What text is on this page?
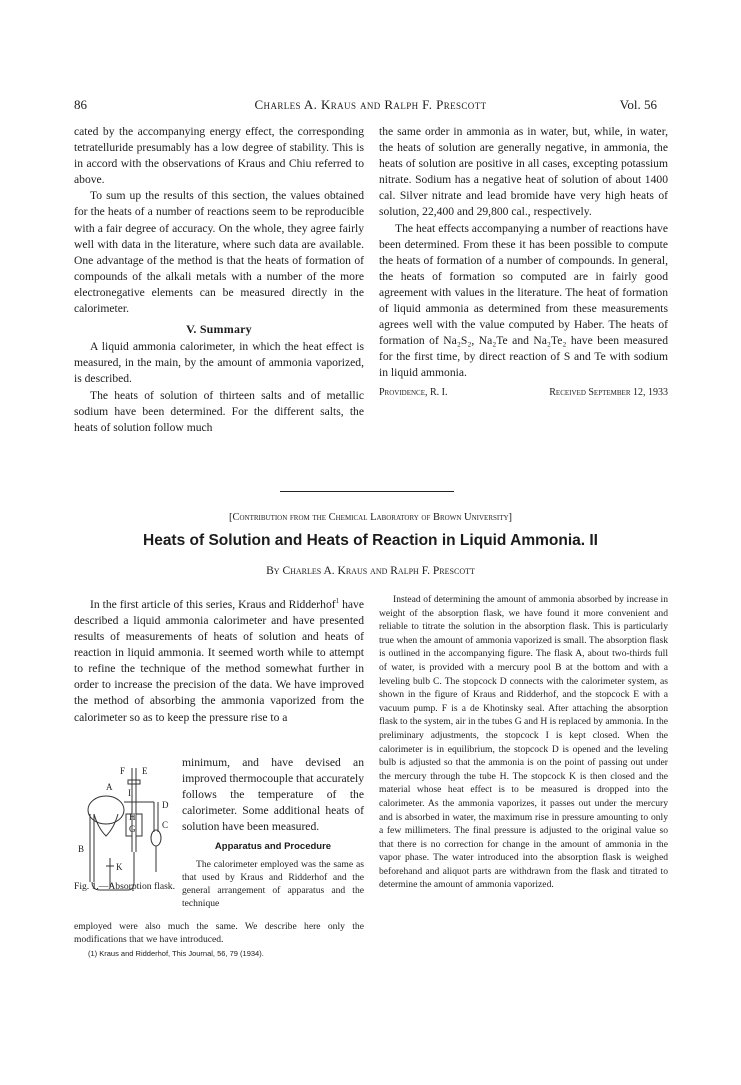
86	Charles A. Kraus and Ralph F. Prescott	Vol. 56

cated by the accompanying energy effect, the corresponding tetratelluride presumably has a low degree of stability. This is in accord with the observations of Kraus and Chiu referred to above.

To sum up the results of this section, the values obtained for the heats of a number of reactions seem to be reproducible with a fair degree of accuracy. On the whole, they agree fairly well with data in the literature, where such data are available. One advantage of the method is that the heats of formation of compounds of the alkali metals with a number of the more electronegative elements can be measured directly in the calorimeter.

V. Summary

A liquid ammonia calorimeter, in which the heat effect is measured, in the main, by the amount of ammonia vaporized, is described.

The heats of solution of thirteen salts and of metallic sodium have been determined. For the different salts, the heats of solution follow much

the same order in ammonia as in water, but, while, in water, the heats of solution are generally negative, in ammonia, the heats of solution are positive in all cases, excepting potassium nitrate. Sodium has a negative heat of solution of about 1400 cal. Silver nitrate and lead bromide have very high heats of solution, 22,400 and 29,800 cal., respectively.

The heat effects accompanying a number of reactions have been determined. From these it has been possible to compute the heats of formation of a number of compounds. In general, the heats of formation so computed are in fairly good agreement with values in the literature. The heat of formation of liquid ammonia as determined from these measurements agrees well with the value computed by Haber. The heats of formation of Na₂S₂, Na₂Te and Na₂Te₂ have been measured for the first time, by direct reaction of S and Te with sodium in liquid ammonia.

Providence, R. I.	Received September 12, 1933
[Contribution from the Chemical Laboratory of Brown University]
Heats of Solution and Heats of Reaction in Liquid Ammonia. II
By Charles A. Kraus and Ralph F. Prescott

In the first article of this series, Kraus and Ridderhof$^1$ have described a liquid ammonia calorimeter and have presented results of measurements of heats of solution and heats of reaction in liquid ammonia. It seemed worth while to attempt to refine the technique of the method somewhat further in order to increase the precision of the data. We have improved the method of absorbing the ammonia vaporized from the calorimeter so as to keep the pressure rise to a

minimum, and have devised an improved thermocouple that accurately follows the temperature of the calorimeter. Some additional heats of solution have been measured.

Apparatus and Procedure

The calorimeter employed was the same as that used by Kraus and Ridderhof and the general arrangement of apparatus and the technique

F E
A
I
D
H
G	C
B
K
Fig. 1.—Absorption flask.

employed were also much the same. We describe here only the modifications that we have introduced.

(1) Kraus and Ridderhof, This Journal, 56, 79 (1934).

Instead of determining the amount of ammonia absorbed by increase in weight of the absorption flask, we have found it more convenient and reliable to titrate the solution in the absorption flask. This is particularly true when the amount of ammonia vaporized is small. The absorption flask is outlined in the accompanying figure. The flask A, about two-thirds full of water, is provided with a mercury pool B at the bottom and with a leveling bulb C. The stopcock D connects with the calorimeter system, as shown in the figure of Kraus and Ridderhof, and the stopcock E with a vacuum pump. F is a de Khotinsky seal. After attaching the absorption flask to the system, air in the tubes G and H is replaced by ammonia. In the preliminary adjustments, the stopcock I is kept closed. When the calorimeter is in equilibrium, the stopcock D is opened and the leveling bulb is adjusted so that the ammonia is on the point of passing out under the mercury through the tube H. The stopcock K is then closed and the material whose heat effect is to be measured is dropped into the calorimeter. As the ammonia vaporizes, it passes out under the mercury and is absorbed in water, the maximum rise in pressure amounting to only a few millimeters. The final pressure is adjusted to the original value so that there is no correction for change in the amount of ammonia in the vapor phase. The water introduced into the absorption flask is weighed beforehand and aliquot parts are withdrawn from the flask and titrated to determine the amount of ammonia vaporized.
